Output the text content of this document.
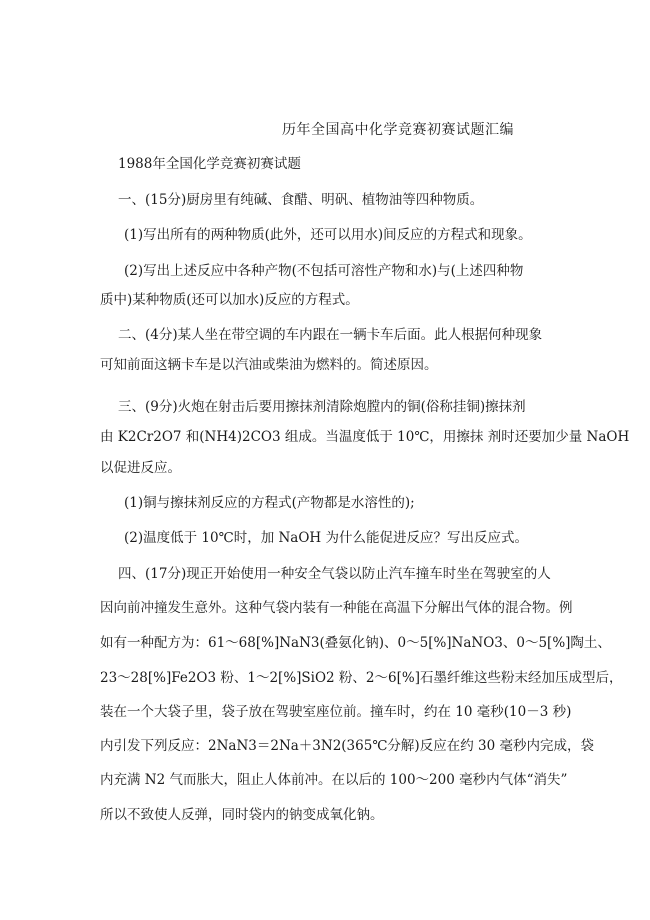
历年全国高中化学竞赛初赛试题汇编
1988年全国化学竞赛初赛试题
一、(15分)厨房里有纯碱、食醋、明矾、植物油等四种物质。
(1)写出所有的两种物质(此外，还可以用水)间反应的方程式和现象。
(2)写出上述反应中各种产物(不包括可溶性产物和水)与(上述四种物
质中)某种物质(还可以加水)反应的方程式。
二、(4分)某人坐在带空调的车内跟在一辆卡车后面。此人根据何种现象
可知前面这辆卡车是以汽油或柴油为燃料的。简述原因。
三、(9分)火炮在射击后要用擦抹剂清除炮膛内的铜(俗称挂铜)擦抹剂
由 K2Cr2O7 和(NH4)2CO3 组成。当温度低于 10℃，用擦抹 剂时还要加少量 NaOH
以促进反应。
(1)铜与擦抹剂反应的方程式(产物都是水溶性的);
(2)温度低于 10℃时，加 NaOH 为什么能促进反应？写出反应式。
四、(17分)现正开始使用一种安全气袋以防止汽车撞车时坐在驾驶室的人
因向前冲撞发生意外。这种气袋内装有一种能在高温下分解出气体的混合物。例
如有一种配方为：61～68[%]NaN3(叠氨化钠)、0～5[%]NaNO3、0～5[%]陶土、
23～28[%]Fe2O3 粉、1～2[%]SiO2 粉、2～6[%]石墨纤维这些粉末经加压成型后，
装在一个大袋子里，袋子放在驾驶室座位前。撞车时，约在 10 毫秒(10－3 秒)
内引发下列反应：2NaN3＝2Na＋3N2(365℃分解)反应在约 30 毫秒内完成，袋
内充满 N2 气而胀大，阻止人体前冲。在以后的 100～200 毫秒内气体“消失”
所以不致使人反弹，同时袋内的钠变成氧化钠。
